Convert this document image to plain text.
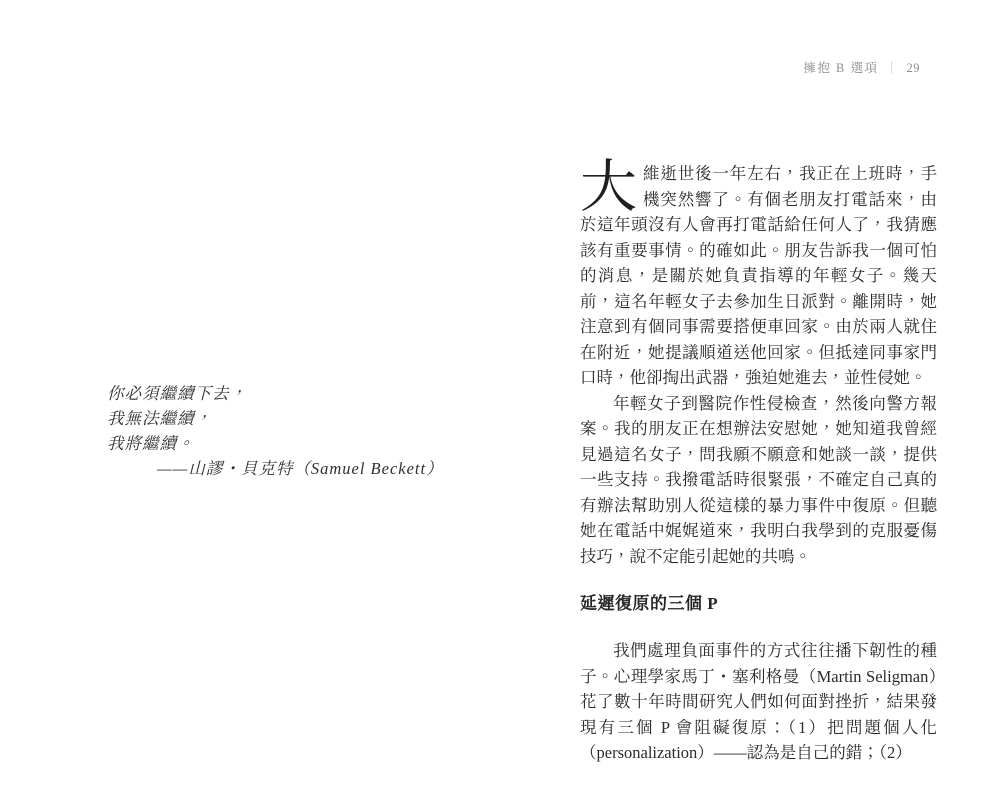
擁抱 B 選項 ｜ 29
你必須繼續下去，
我無法繼續，
我將繼續。
——山謬・貝克特（Samuel Beckett）

大維逝世後一年左右，我正在上班時，手機突然響了。有個老朋友打電話來，由於這年頭沒有人會再打電話給任何人了，我猜應該有重要事情。的確如此。朋友告訴我一個可怕的消息，是關於她負責指導的年輕女子。幾天前，這名年輕女子去參加生日派對。離開時，她注意到有個同事需要搭便車回家。由於兩人就住在附近，她提議順道送他回家。但抵達同事家門口時，他卻掏出武器，強迫她進去，並性侵她。

年輕女子到醫院作性侵檢查，然後向警方報案。我的朋友正在想辦法安慰她，她知道我曾經見過這名女子，問我願不願意和她談一談，提供一些支持。我撥電話時很緊張，不確定自己真的有辦法幫助別人從這樣的暴力事件中復原。但聽她在電話中娓娓道來，我明白我學到的克服憂傷技巧，說不定能引起她的共鳴。

延遲復原的三個 P

我們處理負面事件的方式往往播下韌性的種子。心理學家馬丁・塞利格曼（Martin Seligman）花了數十年時間研究人們如何面對挫折，結果發現有三個 P 會阻礙復原：（1）把問題個人化（personalization）——認為是自己的錯；（2）
